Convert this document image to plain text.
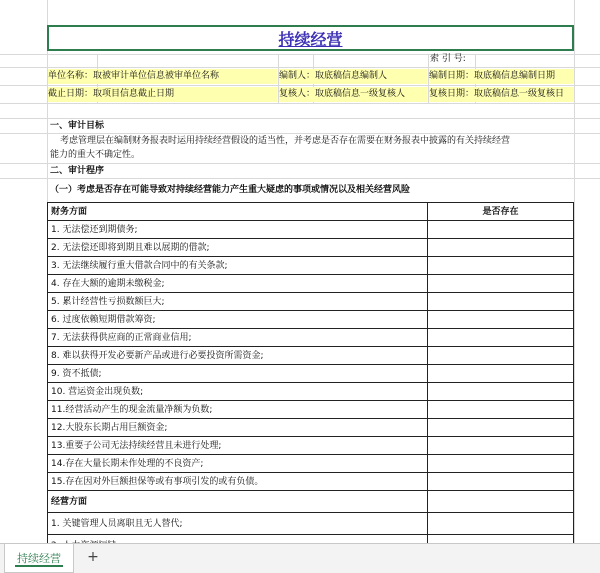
持续经营
索 引 号:
单位名称：取被审计单位信息被审单位名称	编制人：取底稿信息编制人	编制日期：取底稿信息编制日期
截止日期：取项目信息截止日期	复核人：取底稿信息一级复核人	复核日期：取底稿信息一级复核日
一、审计目标
考虑管理层在编制财务报表时运用持续经营假设的适当性，并考虑是否存在需要在财务报表中披露的有关持续经营
能力的重大不确定性。
二、审计程序
（一）考虑是否存在可能导致对持续经营能力产生重大疑虑的事项或情况以及相关经营风险
财务方面	是否存在
1. 无法偿还到期债务;
2. 无法偿还即将到期且难以展期的借款;
3. 无法继续履行重大借款合同中的有关条款;
4. 存在大额的逾期未缴税金;
5. 累计经营性亏损数额巨大;
6. 过度依赖短期借款筹资;
7. 无法获得供应商的正常商业信用;
8. 难以获得开发必要新产品或进行必要投资所需资金;
9. 资不抵债;
10. 营运资金出现负数;
11.经营活动产生的现金流量净额为负数;
12.大股东长期占用巨额资金;
13.重要子公司无法持续经营且未进行处理;
14.存在大量长期未作处理的不良资产;
15.存在因对外巨额担保等或有事项引发的或有负债。
经营方面
1. 关键管理人员离职且无人替代;
持续经营 +
